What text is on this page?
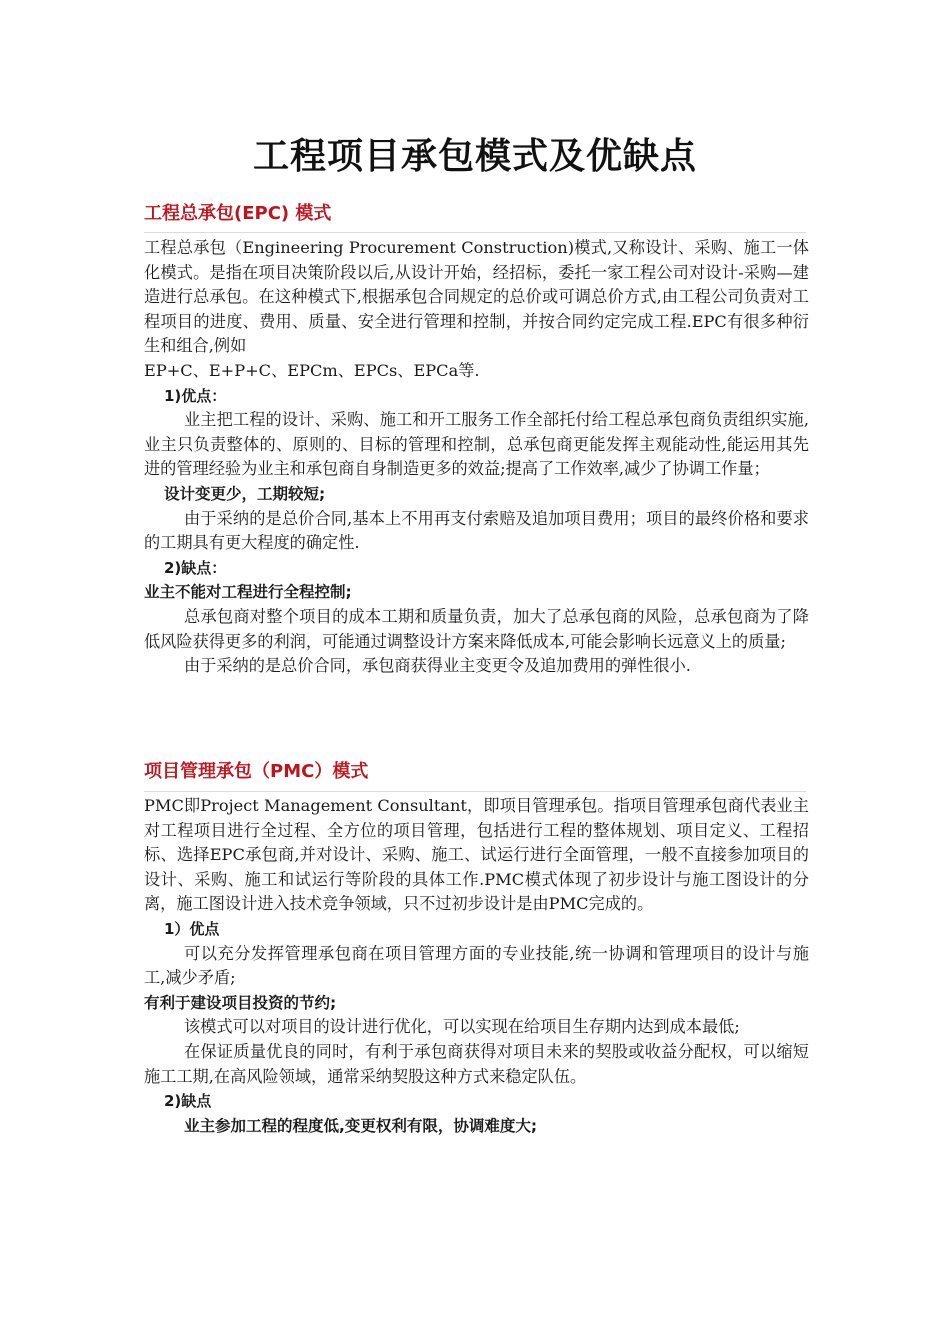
工程项目承包模式及优缺点
工程总承包(EPC) 模式

工程总承包（Engineering Procurement Construction)模式,又称设计、采购、施工一体化模式。是指在项目决策阶段以后,从设计开始，经招标，委托一家工程公司对设计-采购—建造进行总承包。在这种模式下,根据承包合同规定的总价或可调总价方式,由工程公司负责对工程项目的进度、费用、质量、安全进行管理和控制，并按合同约定完成工程.EPC有很多种衍生和组合,例如

EP+C、E+P+C、EPCm、EPCs、EPCa等.

1)优点：

业主把工程的设计、采购、施工和开工服务工作全部托付给工程总承包商负责组织实施,业主只负责整体的、原则的、目标的管理和控制，总承包商更能发挥主观能动性,能运用其先进的管理经验为业主和承包商自身制造更多的效益;提高了工作效率,减少了协调工作量；

设计变更少，工期较短;

由于采纳的是总价合同,基本上不用再支付索赔及追加项目费用；项目的最终价格和要求的工期具有更大程度的确定性.

2)缺点：

业主不能对工程进行全程控制;

总承包商对整个项目的成本工期和质量负责，加大了总承包商的风险，总承包商为了降低风险获得更多的利润，可能通过调整设计方案来降低成本,可能会影响长远意义上的质量;

由于采纳的是总价合同，承包商获得业主变更令及追加费用的弹性很小.

项目管理承包（PMC）模式

PMC即Project Management Consultant，即项目管理承包。指项目管理承包商代表业主对工程项目进行全过程、全方位的项目管理，包括进行工程的整体规划、项目定义、工程招标、选择EPC承包商,并对设计、采购、施工、试运行进行全面管理，一般不直接参加项目的设计、采购、施工和试运行等阶段的具体工作.PMC模式体现了初步设计与施工图设计的分离，施工图设计进入技术竞争领域，只不过初步设计是由PMC完成的。

1）优点

可以充分发挥管理承包商在项目管理方面的专业技能,统一协调和管理项目的设计与施工,减少矛盾;

有利于建设项目投资的节约;

该模式可以对项目的设计进行优化，可以实现在给项目生存期内达到成本最低;

在保证质量优良的同时，有利于承包商获得对项目未来的契股或收益分配权，可以缩短施工工期,在高风险领域，通常采纳契股这种方式来稳定队伍。

2)缺点

业主参加工程的程度低,变更权利有限，协调难度大;
